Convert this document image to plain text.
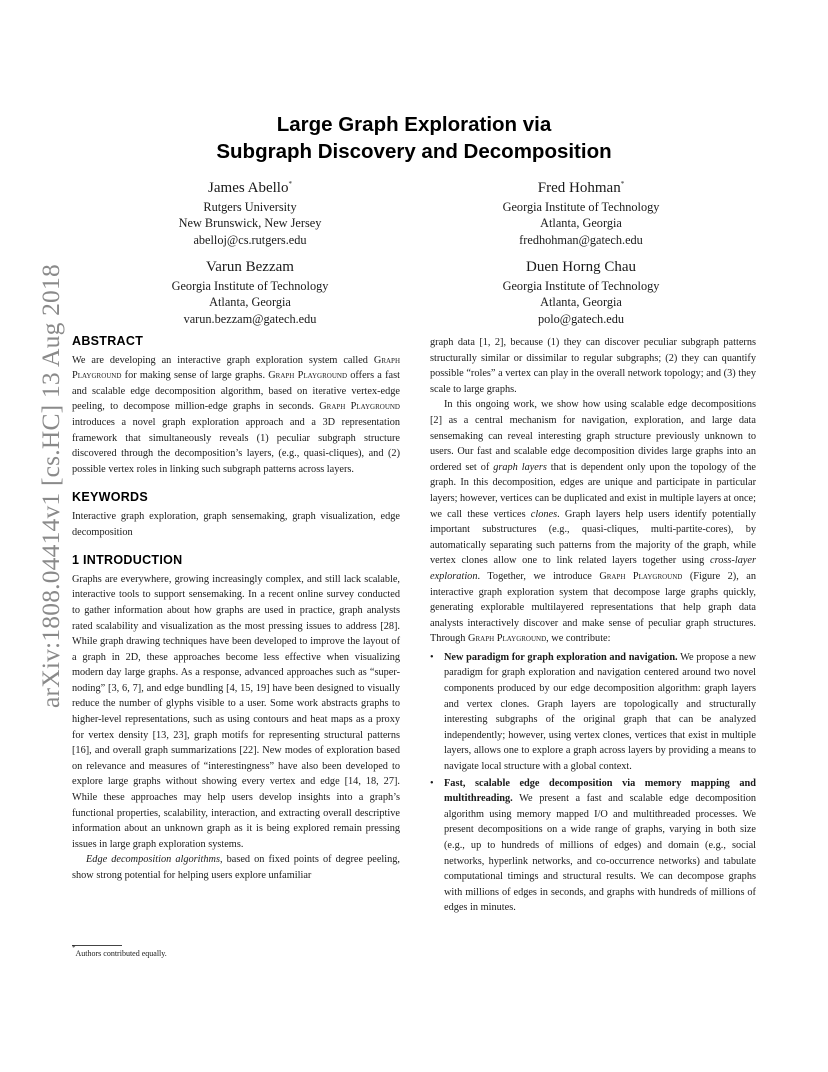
arXiv:1808.04414v1 [cs.HC] 13 Aug 2018
Large Graph Exploration via
Subgraph Discovery and Decomposition
James Abello*
Rutgers University
New Brunswick, New Jersey
abelloj@cs.rutgers.edu
Fred Hohman*
Georgia Institute of Technology
Atlanta, Georgia
fredhohman@gatech.edu
Varun Bezzam
Georgia Institute of Technology
Atlanta, Georgia
varun.bezzam@gatech.edu
Duen Horng Chau
Georgia Institute of Technology
Atlanta, Georgia
polo@gatech.edu
ABSTRACT

We are developing an interactive graph exploration system called Graph Playground for making sense of large graphs. Graph Playground offers a fast and scalable edge decomposition algorithm, based on iterative vertex-edge peeling, to decompose million-edge graphs in seconds. Graph Playground introduces a novel graph exploration approach and a 3D representation framework that simultaneously reveals (1) peculiar subgraph structure discovered through the decomposition’s layers, (e.g., quasi-cliques), and (2) possible vertex roles in linking such subgraph patterns across layers.

KEYWORDS

Interactive graph exploration, graph sensemaking, graph visualization, edge decomposition

1 INTRODUCTION

Graphs are everywhere, growing increasingly complex, and still lack scalable, interactive tools to support sensemaking. In a recent online survey conducted to gather information about how graphs are used in practice, graph analysts rated scalability and visualization as the most pressing issues to address [28]. While graph drawing techniques have been developed to improve the layout of a graph in 2D, these approaches become less effective when visualizing modern day large graphs. As a response, advanced approaches such as “super-noding” [3, 6, 7], and edge bundling [4, 15, 19] have been designed to visually reduce the number of glyphs visible to a user. Some work abstracts graphs to higher-level representations, such as using contours and heat maps as a proxy for vertex density [13, 23], graph motifs for representing structural patterns [16], and overall graph summarizations [22]. New modes of exploration based on relevance and measures of “interestingness” have also been developed to explore large graphs without showing every vertex and edge [14, 18, 27]. While these approaches may help users develop insights into a graph’s functional properties, scalability, interaction, and extracting overall descriptive information about an unknown graph as it is being explored remain pressing issues in large graph exploration systems.

Edge decomposition algorithms, based on fixed points of degree peeling, show strong potential for helping users explore unfamiliar

*Authors contributed equally.

graph data [1, 2], because (1) they can discover peculiar subgraph patterns structurally similar or dissimilar to regular subgraphs; (2) they can quantify possible “roles” a vertex can play in the overall network topology; and (3) they scale to large graphs.

In this ongoing work, we show how using scalable edge decompositions [2] as a central mechanism for navigation, exploration, and large data sensemaking can reveal interesting graph structure previously unknown to users. Our fast and scalable edge decomposition divides large graphs into an ordered set of graph layers that is dependent only upon the topology of the graph. In this decomposition, edges are unique and participate in particular layers; however, vertices can be duplicated and exist in multiple layers at once; we call these vertices clones. Graph layers help users identify potentially important substructures (e.g., quasi-cliques, multi-partite-cores), by automatically separating such patterns from the majority of the graph, while vertex clones allow one to link related layers together using cross-layer exploration. Together, we introduce Graph Playground (Figure 2), an interactive graph exploration system that decompose large graphs quickly, generating explorable multilayered representations that help graph data analysts interactively discover and make sense of peculiar graph structures. Through Graph Playground, we contribute:

• New paradigm for graph exploration and navigation. We propose a new paradigm for graph exploration and navigation centered around two novel components produced by our edge decomposition algorithm: graph layers and vertex clones. Graph layers are topologically and structurally interesting subgraphs of the original graph that can be analyzed independently; however, using vertex clones, vertices that exist in multiple layers, allows one to explore a graph across layers by providing a means to navigate local structure with a global context.
• Fast, scalable edge decomposition via memory mapping and multithreading. We present a fast and scalable edge decomposition algorithm using memory mapped I/O and multithreaded processes. We present decompositions on a wide range of graphs, varying in both size (e.g., up to hundreds of millions of edges) and domain (e.g., social networks, hyperlink networks, and co-occurrence networks) and tabulate computational timings and structural results. We can decompose graphs with millions of edges in seconds, and graphs with hundreds of millions of edges in minutes.
